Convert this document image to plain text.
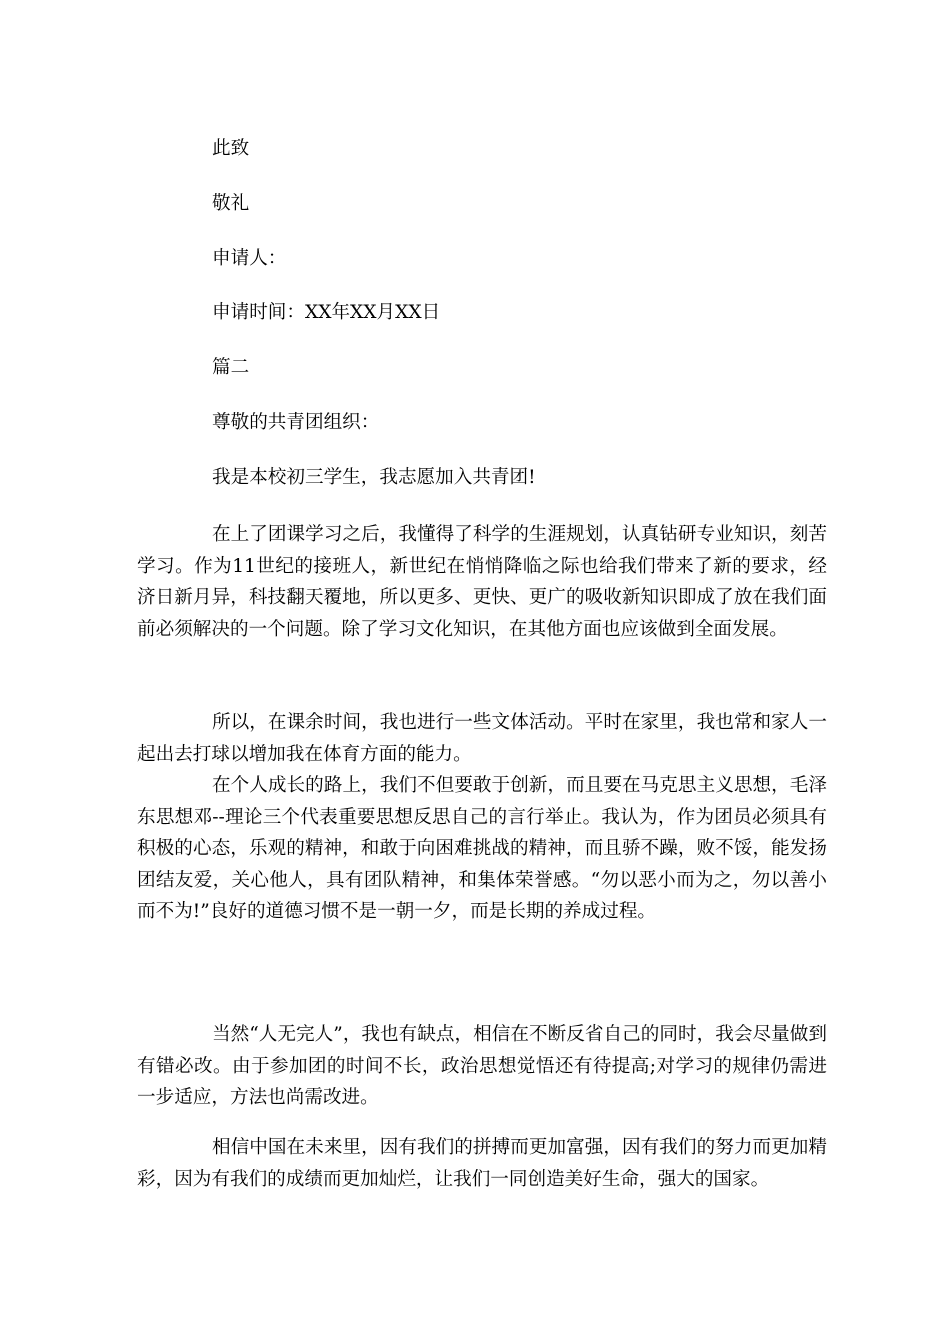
此致
敬礼
申请人：
申请时间：XX年XX月XX日
篇二
尊敬的共青团组织：
我是本校初三学生，我志愿加入共青团!

在上了团课学习之后，我懂得了科学的生涯规划，认真钻研专业知识，刻苦学习。作为11世纪的接班人，新世纪在悄悄降临之际也给我们带来了新的要求，经济日新月异，科技翻天覆地，所以更多、更快、更广的吸收新知识即成了放在我们面前必须解决的一个问题。除了学习文化知识，在其他方面也应该做到全面发展。

所以，在课余时间，我也进行一些文体活动。平时在家里，我也常和家人一起出去打球以增加我在体育方面的能力。

在个人成长的路上，我们不但要敢于创新，而且要在马克思主义思想，毛泽东思想邓--理论三个代表重要思想反思自己的言行举止。我认为，作为团员必须具有积极的心态，乐观的精神，和敢于向困难挑战的精神，而且骄不躁，败不馁，能发扬团结友爱，关心他人，具有团队精神，和集体荣誉感。“勿以恶小而为之，勿以善小而不为!”良好的道德习惯不是一朝一夕，而是长期的养成过程。

当然“人无完人”，我也有缺点，相信在不断反省自己的同时，我会尽量做到有错必改。由于参加团的时间不长，政治思想觉悟还有待提高;对学习的规律仍需进一步适应，方法也尚需改进。

相信中国在未来里，因有我们的拼搏而更加富强，因有我们的努力而更加精彩，因为有我们的成绩而更加灿烂，让我们一同创造美好生命，强大的国家。
